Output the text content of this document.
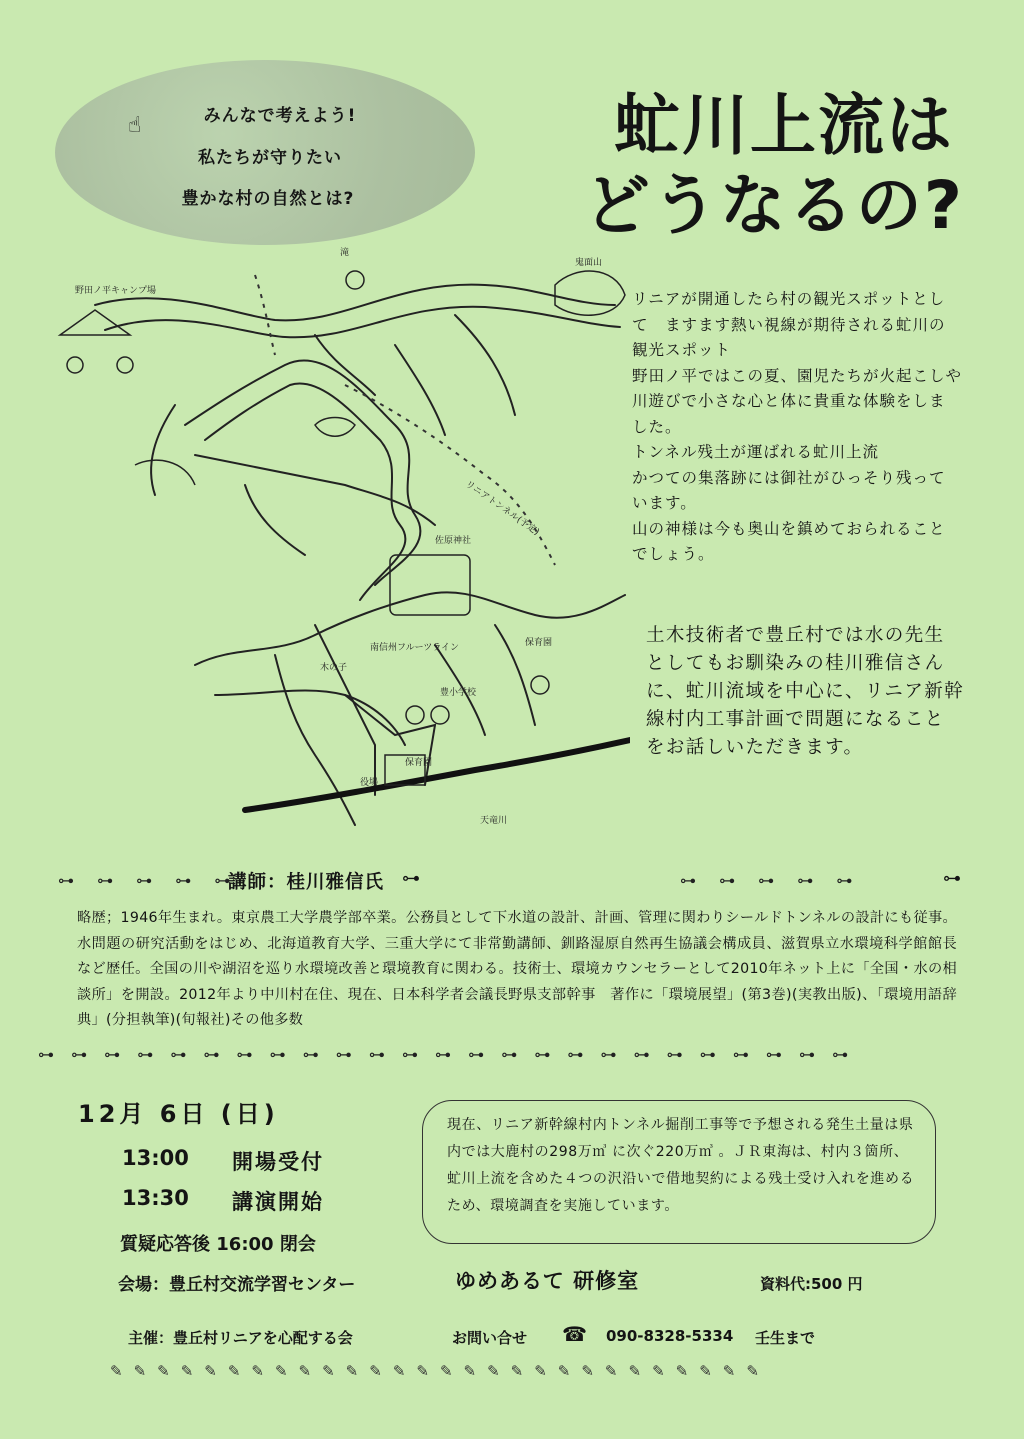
☝	みんなで考えよう!
私たちが守りたい
豊かな村の自然とは?
虻川上流は
どうなるの?
野田ノ平キャンプ場
滝
鬼面山
リニアトンネル(予定)
佐原神社
南信州フルーツライン
豊小学校
保育園
保育園
役場
木の子
天竜川
リニアが開通したら村の観光スポットとし
て　ますます熱い視線が期待される虻川の
観光スポット
野田ノ平ではこの夏、園児たちが火起こしや
川遊びで小さな心と体に貴重な体験をしま
した。
トンネル残土が運ばれる虻川上流
かつての集落跡には御社がひっそり残って
います。
山の神様は今も奥山を鎮めておられること
でしょう。
土木技術者で豊丘村では水の先生
としてもお馴染みの桂川雅信さん
に、虻川流域を中心に、リニア新幹
線村内工事計画で問題になること
をお話しいただきます。
⊶ ⊶ ⊶ ⊶ ⊶
講師：桂川雅信氏 ⊶	⊶ ⊶ ⊶ ⊶ ⊶	⊶
略歴；1946年生まれ。東京農工大学農学部卒業。公務員として下水道の設計、計画、管理に関わりシールドトンネルの設計にも従事。水問題の研究活動をはじめ、北海道教育大学、三重大学にて非常勤講師、釧路湿原自然再生協議会構成員、滋賀県立水環境科学館館長など歴任。全国の川や湖沼を巡り水環境改善と環境教育に関わる。技術士、環境カウンセラーとして2010年ネット上に「全国・水の相談所」を開設。2012年より中川村在住、現在、日本科学者会議長野県支部幹事　著作に「環境展望」(第3巻)(実教出版)、「環境用語辞典」(分担執筆)(旬報社)その他多数
⊶ ⊶ ⊶ ⊶ ⊶ ⊶ ⊶ ⊶ ⊶ ⊶ ⊶ ⊶ ⊶ ⊶ ⊶ ⊶ ⊶ ⊶ ⊶ ⊶ ⊶ ⊶ ⊶ ⊶ ⊶
12月 6日 (日)
13:00 開場受付
13:30 講演開始
質疑応答後 16:00 閉会
現在、リニア新幹線村内トンネル掘削工事等で予想される発生土量は県内では大鹿村の298万㎥ に次ぐ220万㎥ 。ＪＲ東海は、村内３箇所、虻川上流を含めた４つの沢沿いで借地契約による残土受け入れを進めるため、環境調査を実施しています。
会場：豊丘村交流学習センター	ゆめあるて 研修室	資料代:500 円
主催：豊丘村リニアを心配する会	お問い合せ ☎ 090-8328-5334 壬生まで
✎✎✎✎✎✎✎✎✎✎✎✎✎✎✎✎✎✎✎✎✎✎✎✎✎✎✎✎
